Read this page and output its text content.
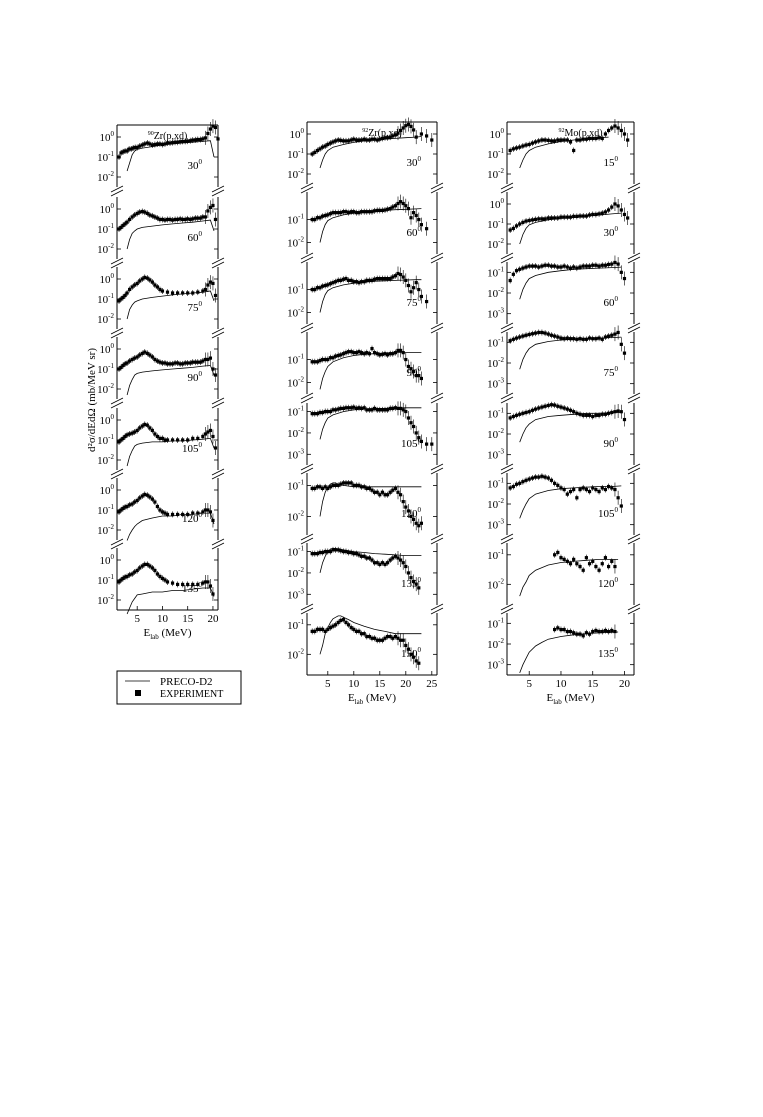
d²σ/dEdΩ (mb/MeV sr)
PRECO-D2
EXPERIMENT
$10^0$
$10^{-1}$
$10^{-2}$
$30^0$
$^{90}$Zr(p,xd)
$10^0$
$10^{-1}$
$10^{-2}$
$60^0$
$10^0$
$10^{-1}$
$10^{-2}$
$75^0$
$10^0$
$10^{-1}$
$10^{-2}$
$90^0$
$10^0$
$10^{-1}$
$10^{-2}$
$105^0$
$10^0$
$10^{-1}$
$10^{-2}$
$120^0$
$10^0$
$10^{-1}$
$10^{-2}$
$135^0$
5 10 15 20
$E_{lab}$ (MeV)
$10^0$
$10^{-1}$
$10^{-2}$
$30^0$
$^{92}$Zr(p,xd)
$10^{-1}$
$10^{-2}$
$60^0$
$10^{-1}$
$10^{-2}$
$75^0$
$10^{-1}$
$10^{-2}$
$90^0$
$10^{-1}$
$10^{-2}$
$10^{-3}$
$105^0$
$10^{-1}$
$10^{-2}$	$120^0$
$10^{-1}$
$10^{-2}$
$10^{-3}$
$135^0$
$10^{-1}$
$10^{-2}$	$150^0$
5 10 15 20 25
$E_{lab}$ (MeV)
$10^0$
$10^{-1}$
$10^{-2}$
$15^0$
$^{92}$Mo(p,xd)
$10^0$
$10^{-1}$
$10^{-2}$
$30^0$
$10^{-1}$
$10^{-2}$
$10^{-3}$
$60^0$
$10^{-1}$
$10^{-2}$
$10^{-3}$
$75^0$
$10^{-1}$
$10^{-2}$
$10^{-3}$
$90^0$
$10^{-1}$
$10^{-2}$
$10^{-3}$
$105^0$
$10^{-1}$
$10^{-2}$	$120^0$
$10^{-1}$
$10^{-2}$
$10^{-3}$
$135^0$
5 10 15 20
$E_{lab}$ (MeV)
